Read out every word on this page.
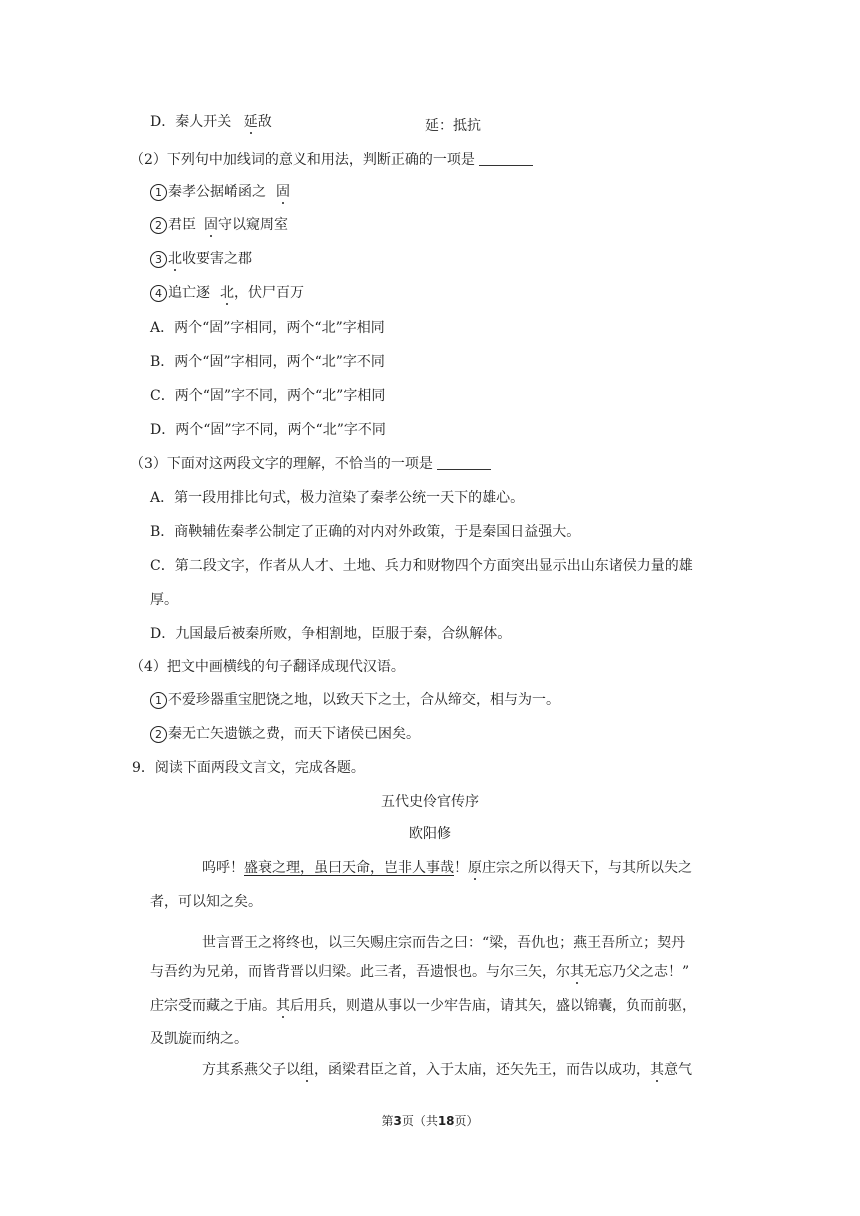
D．秦人开关 延敌	延：抵抗
（2）下列句中加线词的意义和用法，判断正确的一项是
1 秦孝公据崤函之 固
2 君臣 固守以窥周室
3 北收要害之郡
4 追亡逐 北，伏尸百万
A．两个“固”字相同，两个“北”字相同
B．两个“固”字相同，两个“北”字不同
C．两个“固”字不同，两个“北”字相同
D．两个“固”字不同，两个“北”字不同
（3）下面对这两段文字的理解，不恰当的一项是
A．第一段用排比句式，极力渲染了秦孝公统一天下的雄心。
B．商鞅辅佐秦孝公制定了正确的对内对外政策，于是秦国日益强大。
C．第二段文字，作者从人才、土地、兵力和财物四个方面突出显示出山东诸侯力量的雄
厚。
D．九国最后被秦所败，争相割地，臣服于秦，合纵解体。
（4）把文中画横线的句子翻译成现代汉语。
1 不爱珍器重宝肥饶之地，以致天下之士，合从缔交，相与为一。
2 秦无亡矢遗镞之费，而天下诸侯已困矣。
9．阅读下面两段文言文，完成各题。
五代史伶官传序
欧阳修
呜呼！盛衰之理，虽曰天命，岂非人事哉！原庄宗之所以得天下，与其所以失之
者，可以知之矣。
世言晋王之将终也，以三矢赐庄宗而告之曰：“梁，吾仇也；燕王吾所立；契丹
与吾约为兄弟，而皆背晋以归梁。此三者，吾遗恨也。与尔三矢，尔其无忘乃父之志！”
庄宗受而藏之于庙。其后用兵，则遣从事以一少牢告庙，请其矢，盛以锦囊，负而前驱，
及凯旋而纳之。
方其系燕父子以组，函梁君臣之首，入于太庙，还矢先王，而告以成功，其意气
第3页（共18页）
